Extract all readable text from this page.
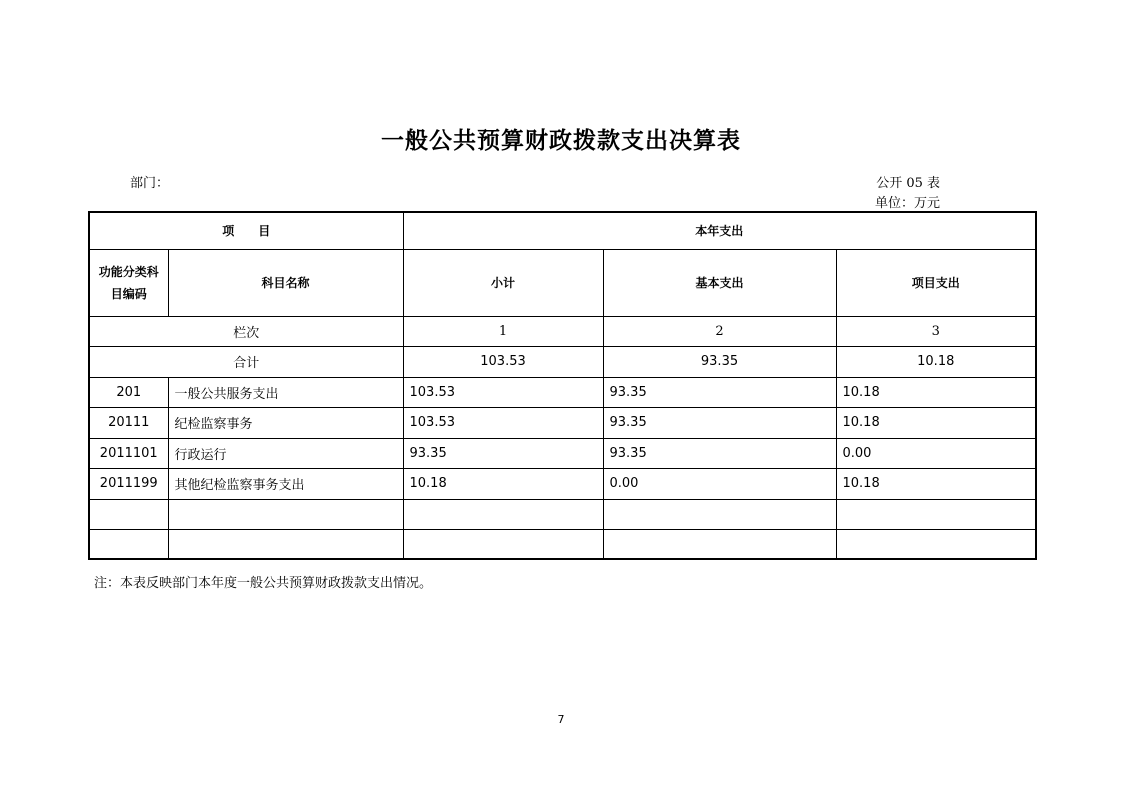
一般公共预算财政拨款支出决算表
部门：	公开 05 表
单位：万元
项　　目		本年支出		
功能分类科目编码	科目名称	小计	基本支出	项目支出
栏次		1	2	3
合计		103.53	93.35	10.18
201	一般公共服务支出	103.53	93.35	10.18
20111	纪检监察事务	103.53	93.35	10.18
2011101	行政运行	93.35	93.35	0.00
2011199	其他纪检监察事务支出	10.18	0.00	10.18

注：本表反映部门本年度一般公共预算财政拨款支出情况。
7
